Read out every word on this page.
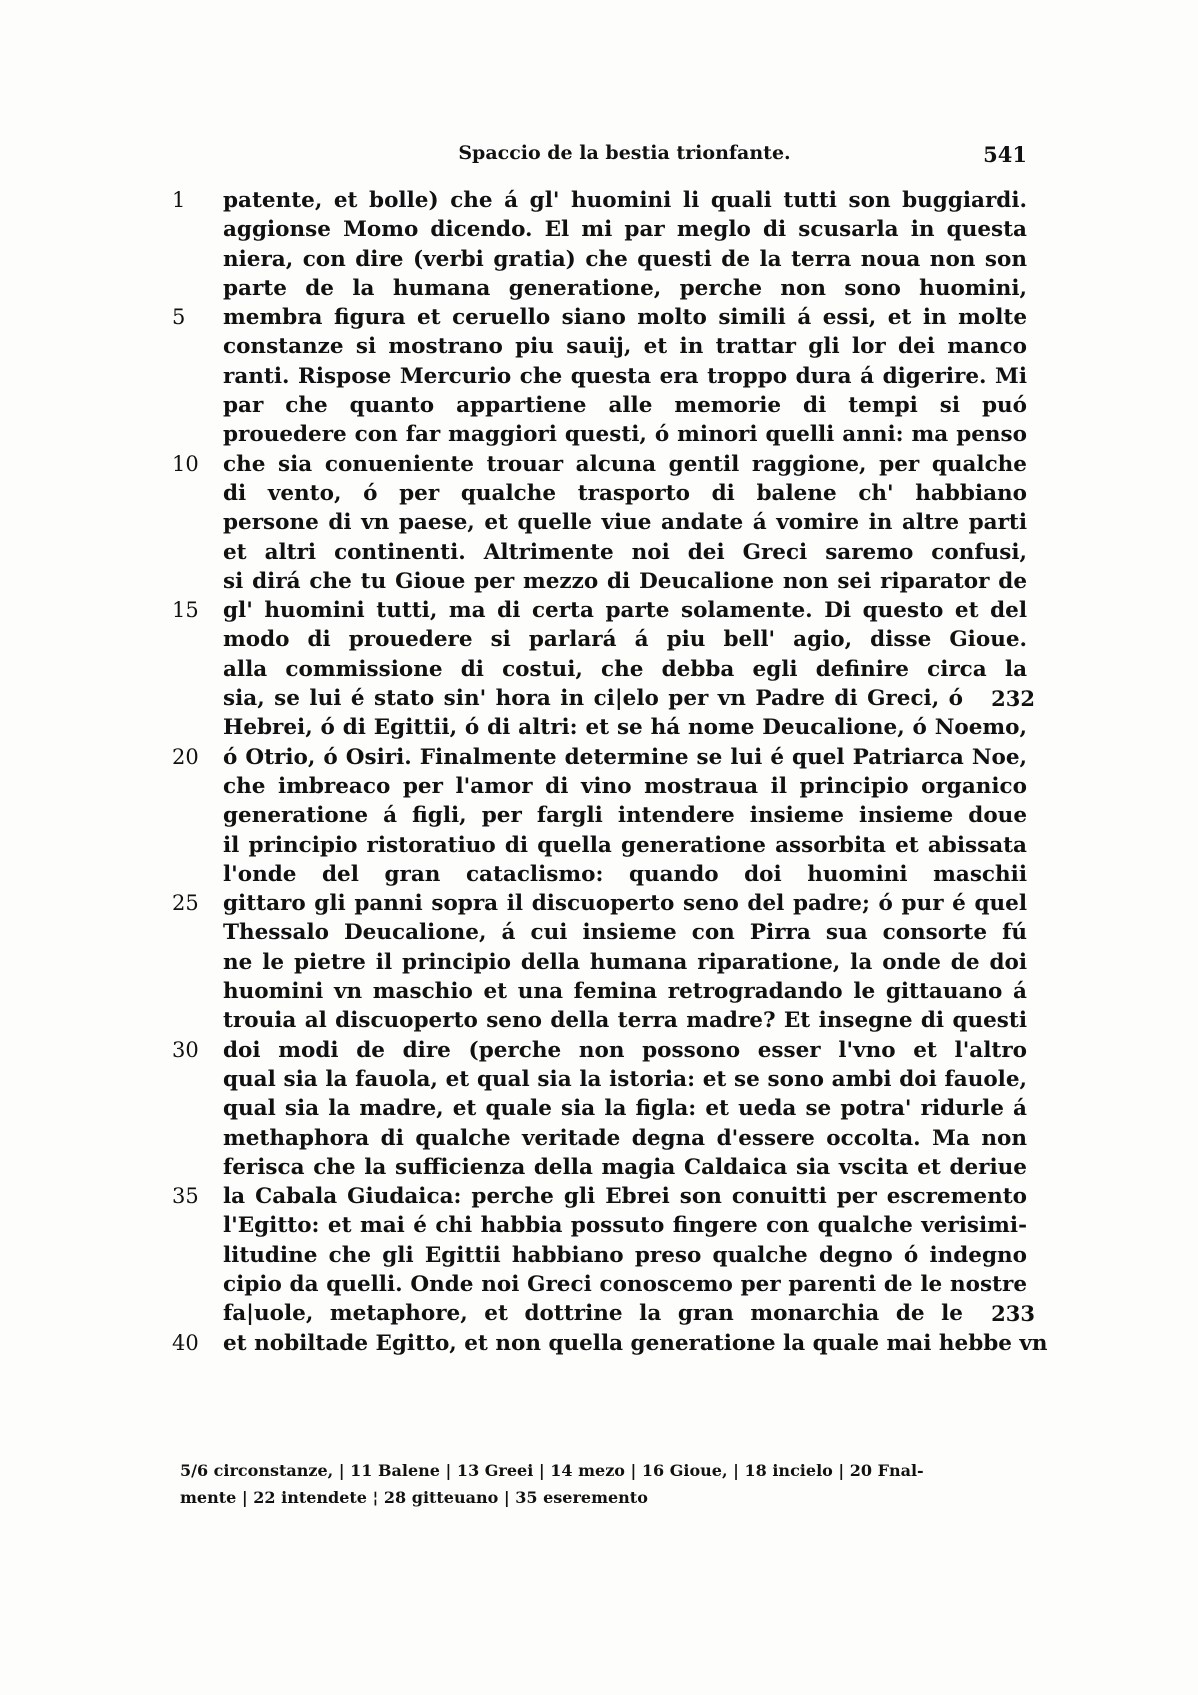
Spaccio de la bestia trionfante.	541
1	patente, et bolle) che á gl' huomini li quali tutti son buggiardi.
aggionse Momo dicendo. El mi par meglo di scusarla in questa
niera, con dire (verbi gratia) che questi de la terra noua non son
parte de la humana generatione, perche non sono huomini,
5	membra figura et ceruello siano molto simili á essi, et in molte
constanze si mostrano piu sauij, et in trattar gli lor dei manco
ranti. Rispose Mercurio che questa era troppo dura á digerire. Mi
par che quanto appartiene alle memorie di tempi si puó
prouedere con far maggiori questi, ó minori quelli anni: ma penso
10	che sia conueniente trouar alcuna gentil raggione, per qualche
di vento, ó per qualche trasporto di balene ch' habbiano
persone di vn paese, et quelle viue andate á vomire in altre parti
et altri continenti. Altrimente noi dei Greci saremo confusi,
si dirá che tu Gioue per mezzo di Deucalione non sei riparator de
15	gl' huomini tutti, ma di certa parte solamente. Di questo et del
modo di prouedere si parlará á piu bell' agio, disse Gioue.
alla commissione di costui, che debba egli definire circa la
sia, se lui é stato sin' hora in ci|elo per vn Padre di Greci, ó 232
Hebrei, ó di Egittii, ó di altri: et se há nome Deucalione, ó Noemo,
20	ó Otrio, ó Osiri. Finalmente determine se lui é quel Patriarca Noe,
che imbreaco per l'amor di vino mostraua il principio organico
generatione á figli, per fargli intendere insieme insieme doue
il principio ristoratiuo di quella generatione assorbita et abissata
l'onde del gran cataclismo: quando doi huomini maschii
25	gittaro gli panni sopra il discuoperto seno del padre; ó pur é quel
Thessalo Deucalione, á cui insieme con Pirra sua consorte fú
ne le pietre il principio della humana riparatione, la onde de doi
huomini vn maschio et una femina retrogradando le gittauano á
trouia al discuoperto seno della terra madre? Et insegne di questi
30	doi modi de dire (perche non possono esser l'vno et l'altro
qual sia la fauola, et qual sia la istoria: et se sono ambi doi fauole,
qual sia la madre, et quale sia la figla: et ueda se potra' ridurle á
methaphora di qualche veritade degna d'essere occolta. Ma non
ferisca che la sufficienza della magia Caldaica sia vscita et deriue
35	la Cabala Giudaica: perche gli Ebrei son conuitti per escremento
l'Egitto: et mai é chi habbia possuto fingere con qualche verisimi-
litudine che gli Egittii habbiano preso qualche degno ó indegno
cipio da quelli. Onde noi Greci conoscemo per parenti de le nostre
fa|uole, metaphore, et dottrine la gran monarchia de le 233
40	et nobiltade Egitto, et non quella generatione la quale mai hebbe vn
5/6 circonstanze, | 11 Balene | 13 Greei | 14 mezo | 16 Gioue, | 18 incielo | 20 Fnal-
mente | 22 intendete ¦ 28 gitteuano | 35 eseremento
